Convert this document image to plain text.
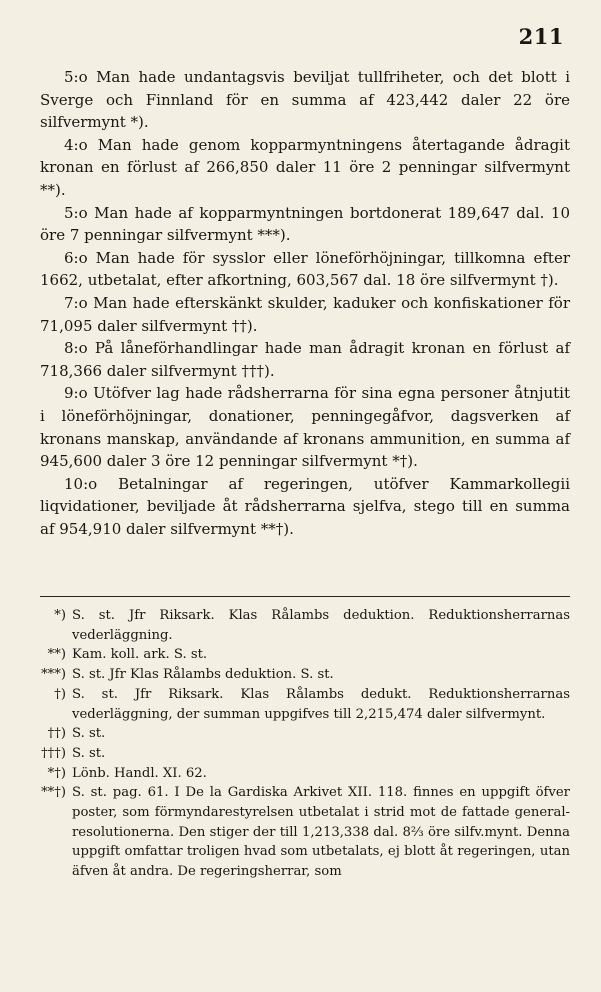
211

5:o Man hade undantagsvis beviljat tullfriheter, och det blott i Sverge och Finnland för en summa af 423,442 daler 22 öre silfvermynt *).

4:o Man hade genom kopparmyntningens återtagande ådragit kronan en förlust af 266,850 daler 11 öre 2 penningar silfvermynt **).

5:o Man hade af kopparmyntningen bortdonerat 189,647 dal. 10 öre 7 penningar silfvermynt ***).

6:o Man hade för sysslor eller löneförhöjningar, tillkomna efter 1662, utbetalat, efter afkortning, 603,567 dal. 18 öre silfvermynt †).

7:o Man hade efterskänkt skulder, kaduker och konfiskationer för 71,095 daler silfvermynt ††).

8:o På låneförhandlingar hade man ådragit kronan en förlust af 718,366 daler silfvermynt †††).

9:o Utöfver lag hade rådsherrarna för sina egna personer åtnjutit i löneförhöjningar, donationer, penningegåfvor, dagsverken af kronans manskap, användande af kronans ammunition, en summa af 945,600 daler 3 öre 12 penningar silfvermynt *†).

10:o Betalningar af regeringen, utöfver Kammarkollegii liqvidationer, beviljade åt rådsherrarna sjelfva, stego till en summa af 954,910 daler silfvermynt **†).

*) S. st. Jfr Riksark. Klas Rålambs deduktion. Reduktionsherrarnas vederläggning.

**) Kam. koll. ark. S. st.

***) S. st. Jfr Klas Rålambs deduktion. S. st.

†) S. st. Jfr Riksark. Klas Rålambs dedukt. Reduktionsherrarnas vederläggning, der summan uppgifves till 2,215,474 daler silfvermynt.

††) S. st.

†††) S. st.

*†) Lönb. Handl. XI. 62.

**†) S. st. pag. 61. I De la Gardiska Arkivet XII. 118. finnes en uppgift öfver poster, som förmyndarestyrelsen utbetalat i strid mot de fattade general-resolutionerna. Den stiger der till 1,213,338 dal. 8⅔ öre silfv.mynt. Denna uppgift omfattar troligen hvad som utbetalats, ej blott åt regeringen, utan äfven åt andra. De regeringsherrar, som
